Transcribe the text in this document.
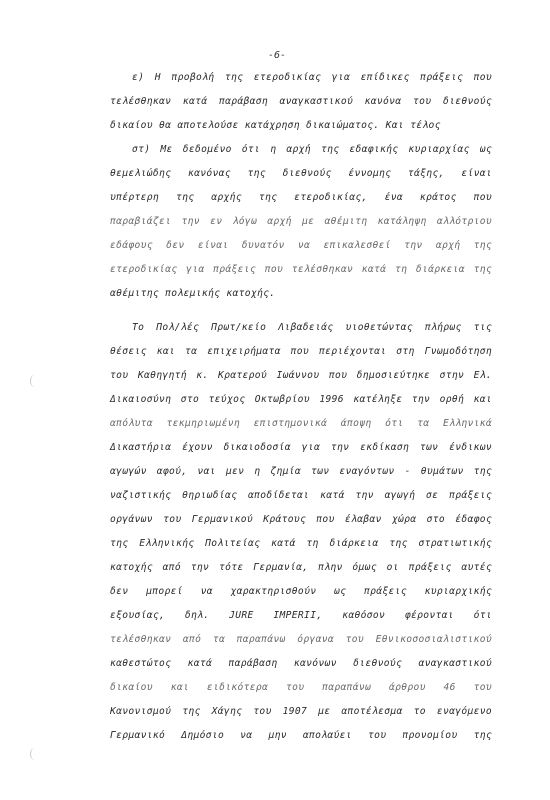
-6-

ε) Η προβολή της ετεροδικίας για επίδικες πράξεις που

τελέσθηκαν κατά παράβαση αναγκαστικού κανόνα του διεθνούς

δικαίου θα αποτελούσε κατάχρηση δικαιώματος. Και τέλος

στ) Με δεδομένο ότι η αρχή της εδαφικής κυριαρχίας ως

θεμελιώδης κανόνας της διεθνούς έννομης τάξης, είναι

υπέρτερη της αρχής της ετεροδικίας, ένα κράτος που

παραβιάζει την εν λόγω αρχή με αθέμιτη κατάληψη αλλότριου

εδάφους δεν είναι δυνατόν να επικαλεσθεί την αρχή της

ετεροδικίας για πράξεις που τελέσθηκαν κατά τη διάρκεια της

αθέμιτης πολεμικής κατοχής.

Το Πολ/λές Πρωτ/κείο Λιβαδειάς υιοθετώντας πλήρως τις

θέσεις και τα επιχειρήματα που περιέχονται στη Γνωμοδότηση

του Καθηγητή κ. Κρατερού Ιωάννου που δημοσιεύτηκε στην Ελ.

Δικαιοσύνη στο τεύχος Οκτωβρίου 1996 κατέληξε την ορθή και

απόλυτα τεκμηριωμένη επιστημονικά άποψη ότι τα Ελληνικά

Δικαστήρια έχουν δικαιοδοσία για την εκδίκαση των ένδικων

αγωγών αφού, ναι μεν η ζημία των εναγόντων - θυμάτων της

ναζιστικής θηριωδίας αποδίδεται κατά την αγωγή σε πράξεις

οργάνων του Γερμανικού Κράτους που έλαβαν χώρα στο έδαφος

της Ελληνικής Πολιτείας κατά τη διάρκεια της στρατιωτικής

κατοχής από την τότε Γερμανία, πλην όμως οι πράξεις αυτές

δεν μπορεί να χαρακτηρισθούν ως πράξεις κυριαρχικής

εξουσίας, δηλ. JURE IMPERII, καθόσον φέρονται ότι

τελέσθηκαν από τα παραπάνω όργανα του Εθνικοσοσιαλιστικού

καθεστώτος κατά παράβαση κανόνων διεθνούς αναγκαστικού

δικαίου και ειδικότερα του παραπάνω άρθρου 46 του

Κανονισμού της Χάγης του 1907 με αποτέλεσμα το εναγόμενο

Γερμανικό Δημόσιο να μην απολαύει του προνομίου της
